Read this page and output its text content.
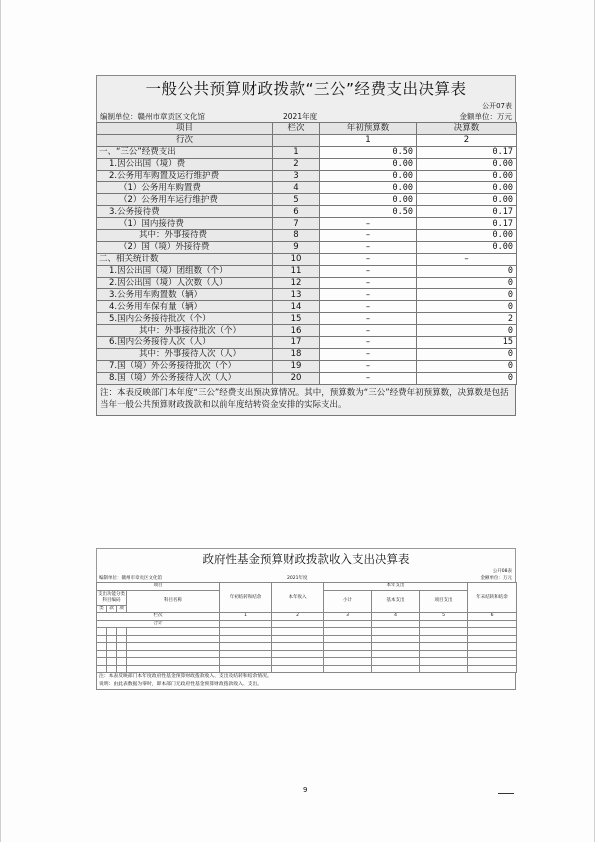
一般公共预算财政拨款“三公”经费支出决算表
公开07表
编制单位：赣州市章贡区文化馆	2021年度	金额单位：万元
项目	栏次	年初预算数	决算数
行次		1	2
一、“三公”经费支出	1	0.50	0.17
1.因公出国（境）费	2	0.00	0.00
2.公务用车购置及运行维护费	3	0.00	0.00
（1）公务用车购置费	4	0.00	0.00
（2）公务用车运行维护费	5	0.00	0.00
3.公务接待费	6	0.50	0.17
（1）国内接待费	7	–	0.17
其中：外事接待费	8	–	0.00
（2）国（境）外接待费	9	–	0.00
二、相关统计数	10	–	–
1.因公出国（境）团组数（个）	11	–	0
2.因公出国（境）人次数（人）	12	–	0
3.公务用车购置数（辆）	13	–	0
4.公务用车保有量（辆）	14	–	0
5.国内公务接待批次（个）	15	–	2
其中：外事接待批次（个）	16	–	0
6.国内公务接待人次（人）	17	–	15
其中：外事接待人次（人）	18	–	0
7.国（境）外公务接待批次（个）	19	–	0
8.国（境）外公务接待人次（人）	20	–	0
注：本表反映部门本年度“三公”经费支出预决算情况。其中，预算数为“三公”经费年初预算数，决算数是包括当年一般公共预算财政拨款和以前年度结转资金安排的实际支出。
政府性基金预算财政拨款收入支出决算表
公开08表
编制单位：赣州市章贡区文化馆	2021年度	金额单位：万元
项目				年初结转和结余	本年收入	本年支出			年末结转和结余
支出功能分类科目编码			科目名称			小计	基本支出	项目支出	
类	款	项							
栏次				1	2	3	4	5	6
合计									

注：本表反映部门本年度政府性基金预算财政拨款收入、支出及结转和结余情况。
说明：由此表数据为零时，即本部门无政府性基金预算财政拨款收入、支出。
9
